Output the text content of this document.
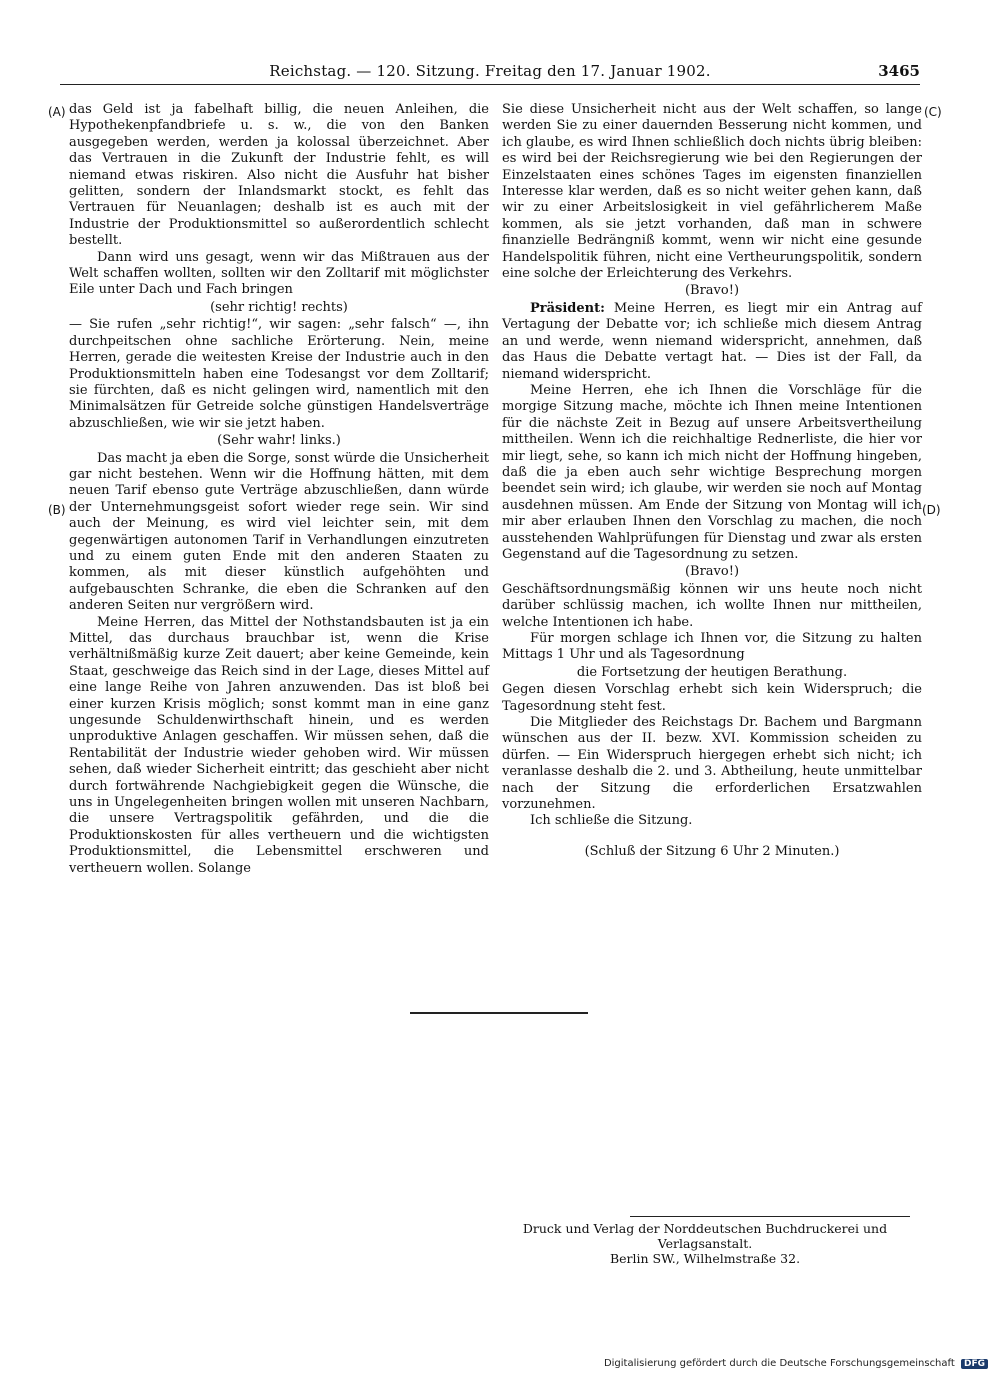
Reichstag. — 120. Sitzung. Freitag den 17. Januar 1902.	3465
(A)
(B)
(C)
(D)

das Geld ist ja fabelhaft billig, die neuen Anleihen, die Hypothekenpfandbriefe u. s. w., die von den Banken ausgegeben werden, werden ja kolossal überzeichnet. Aber das Vertrauen in die Zukunft der Industrie fehlt, es will niemand etwas riskiren. Also nicht die Ausfuhr hat bisher gelitten, sondern der Inlandsmarkt stockt, es fehlt das Vertrauen für Neuanlagen; deshalb ist es auch mit der Industrie der Produktionsmittel so außerordentlich schlecht bestellt.

Dann wird uns gesagt, wenn wir das Mißtrauen aus der Welt schaffen wollten, sollten wir den Zolltarif mit möglichster Eile unter Dach und Fach bringen

(sehr richtig! rechts)

— Sie rufen „sehr richtig!“, wir sagen: „sehr falsch“ —, ihn durchpeitschen ohne sachliche Erörterung. Nein, meine Herren, gerade die weitesten Kreise der Industrie auch in den Produktionsmitteln haben eine Todesangst vor dem Zolltarif; sie fürchten, daß es nicht gelingen wird, namentlich mit den Minimalsätzen für Getreide solche günstigen Handelsverträge abzuschließen, wie wir sie jetzt haben.

(Sehr wahr! links.)

Das macht ja eben die Sorge, sonst würde die Unsicherheit gar nicht bestehen. Wenn wir die Hoffnung hätten, mit dem neuen Tarif ebenso gute Verträge abzuschließen, dann würde der Unternehmungsgeist sofort wieder rege sein. Wir sind auch der Meinung, es wird viel leichter sein, mit dem gegenwärtigen autonomen Tarif in Verhandlungen einzutreten und zu einem guten Ende mit den anderen Staaten zu kommen, als mit dieser künstlich aufgehöhten und aufgebauschten Schranke, die eben die Schranken auf den anderen Seiten nur vergrößern wird.

Meine Herren, das Mittel der Nothstandsbauten ist ja ein Mittel, das durchaus brauchbar ist, wenn die Krise verhältnißmäßig kurze Zeit dauert; aber keine Gemeinde, kein Staat, geschweige das Reich sind in der Lage, dieses Mittel auf eine lange Reihe von Jahren anzuwenden. Das ist bloß bei einer kurzen Krisis möglich; sonst kommt man in eine ganz ungesunde Schuldenwirthschaft hinein, und es werden unproduktive Anlagen geschaffen. Wir müssen sehen, daß die Rentabilität der Industrie wieder gehoben wird. Wir müssen sehen, daß wieder Sicherheit eintritt; das geschieht aber nicht durch fortwährende Nachgiebigkeit gegen die Wünsche, die uns in Ungelegenheiten bringen wollen mit unseren Nachbarn, die unsere Vertragspolitik gefährden, und die die Produktionskosten für alles vertheuern und die wichtigsten Produktionsmittel, die Lebensmittel erschweren und vertheuern wollen. Solange

Sie diese Unsicherheit nicht aus der Welt schaffen, so lange werden Sie zu einer dauernden Besserung nicht kommen, und ich glaube, es wird Ihnen schließlich doch nichts übrig bleiben: es wird bei der Reichsregierung wie bei den Regierungen der Einzelstaaten eines schönes Tages im eigensten finanziellen Interesse klar werden, daß es so nicht weiter gehen kann, daß wir zu einer Arbeitslosigkeit in viel gefährlicherem Maße kommen, als sie jetzt vorhanden, daß man in schwere finanzielle Bedrängniß kommt, wenn wir nicht eine gesunde Handelspolitik führen, nicht eine Vertheurungspolitik, sondern eine solche der Erleichterung des Verkehrs.

(Bravo!)

Präsident: Meine Herren, es liegt mir ein Antrag auf Vertagung der Debatte vor; ich schließe mich diesem Antrag an und werde, wenn niemand widerspricht, annehmen, daß das Haus die Debatte vertagt hat. — Dies ist der Fall, da niemand widerspricht.

Meine Herren, ehe ich Ihnen die Vorschläge für die morgige Sitzung mache, möchte ich Ihnen meine Intentionen für die nächste Zeit in Bezug auf unsere Arbeitsvertheilung mittheilen. Wenn ich die reichhaltige Rednerliste, die hier vor mir liegt, sehe, so kann ich mich nicht der Hoffnung hingeben, daß die ja eben auch sehr wichtige Besprechung morgen beendet sein wird; ich glaube, wir werden sie noch auf Montag ausdehnen müssen. Am Ende der Sitzung von Montag will ich mir aber erlauben Ihnen den Vorschlag zu machen, die noch ausstehenden Wahlprüfungen für Dienstag und zwar als ersten Gegenstand auf die Tagesordnung zu setzen.

(Bravo!)

Geschäftsordnungsmäßig können wir uns heute noch nicht darüber schlüssig machen, ich wollte Ihnen nur mittheilen, welche Intentionen ich habe.

Für morgen schlage ich Ihnen vor, die Sitzung zu halten Mittags 1 Uhr und als Tagesordnung

die Fortsetzung der heutigen Berathung.

Gegen diesen Vorschlag erhebt sich kein Widerspruch; die Tagesordnung steht fest.

Die Mitglieder des Reichstags Dr. Bachem und Bargmann wünschen aus der II. bezw. XVI. Kommission scheiden zu dürfen. — Ein Widerspruch hiergegen erhebt sich nicht; ich veranlasse deshalb die 2. und 3. Abtheilung, heute unmittelbar nach der Sitzung die erforderlichen Ersatzwahlen vorzunehmen.

Ich schließe die Sitzung.

(Schluß der Sitzung 6 Uhr 2 Minuten.)

Druck und Verlag der Norddeutschen Buchdruckerei und Verlagsanstalt.
Berlin SW., Wilhelmstraße 32.
Digitalisierung gefördert durch die Deutsche Forschungsgemeinschaft DFG
